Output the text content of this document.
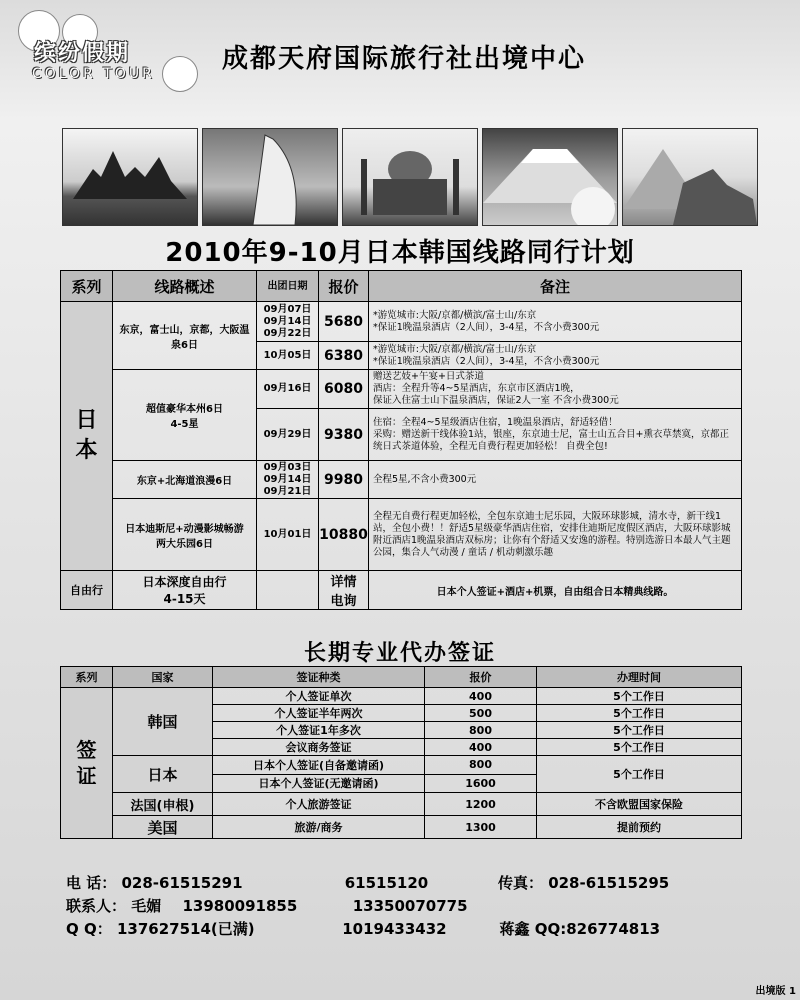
缤纷假期
COLOR TOUR	成都天府国际旅行社出境中心
2010年9-10月日本韩国线路同行计划
系列	线路概述	出团日期	报价	备注
日本	东京，富士山，京都，大阪温泉6日	09月07日
09月14日
09月22日	5680	*游览城市:大阪/京都/横滨/富士山/东京
*保证1晚温泉酒店（2人间），3-4星，不含小费300元
		10月05日	6380	*游览城市:大阪/京都/横滨/富士山/东京
*保证1晚温泉酒店（2人间），3-4星，不含小费300元
	超值豪华本州6日
4-5星	09月16日	6080	赠送艺妓+午宴+日式茶道
酒店：全程升等4~5星酒店，东京市区酒店1晚，
保证入住富士山下温泉酒店，保证2人一室 不含小费300元
		09月29日	9380	住宿：全程4~5星级酒店住宿，1晚温泉酒店，舒适轻借！
采购：赠送新干线体验1站，银座，东京迪士尼，富士山五合目+熏衣草禁寞，京都正统日式茶道体验，全程无自费行程更加轻松！ 自费全包!
	东京+北海道浪漫6日	09月03日
09月14日
09月21日	9980	全程5星,不含小费300元
	日本迪斯尼+动漫影城畅游两大乐园6日	10月01日	10880	全程无自费行程更加轻松，全包东京迪士尼乐园，大阪环球影城，清水寺，新干线1站，全包小费！！舒适5星级豪华酒店住宿，安排住迪斯尼度假区酒店，大阪环球影城附近酒店1晚温泉酒店双标房；让你有个舒适又安逸的游程。特别选游日本最人气主题公园，集合人气动漫 / 童话 / 机动刺激乐趣
自由行	日本深度自由行
4-15天		详情电询	日本个人签证+酒店+机票，自由组合日本精典线路。
长期专业代办签证
系列	国家	签证种类	报价	办理时间
签证	韩国	个人签证单次	400	5个工作日
		个人签证半年两次	500	5个工作日
		个人签证1年多次	800	5个工作日
		会议商务签证	400	5个工作日
	日本	日本个人签证(自备邀请函)	800	5个工作日
		日本个人签证(无邀请函)	1600	
	法国(申根)	个人旅游签证	1200	不含欧盟国家保险
	美国	旅游/商务	1300	提前预约
电 话： 028-61515291	61515120	传真： 028-61515295
联系人： 毛媚 13980091855	13350070775
Q Q： 137627514(已满)	1019433432	蒋鑫 QQ:826774813
出境版 1
